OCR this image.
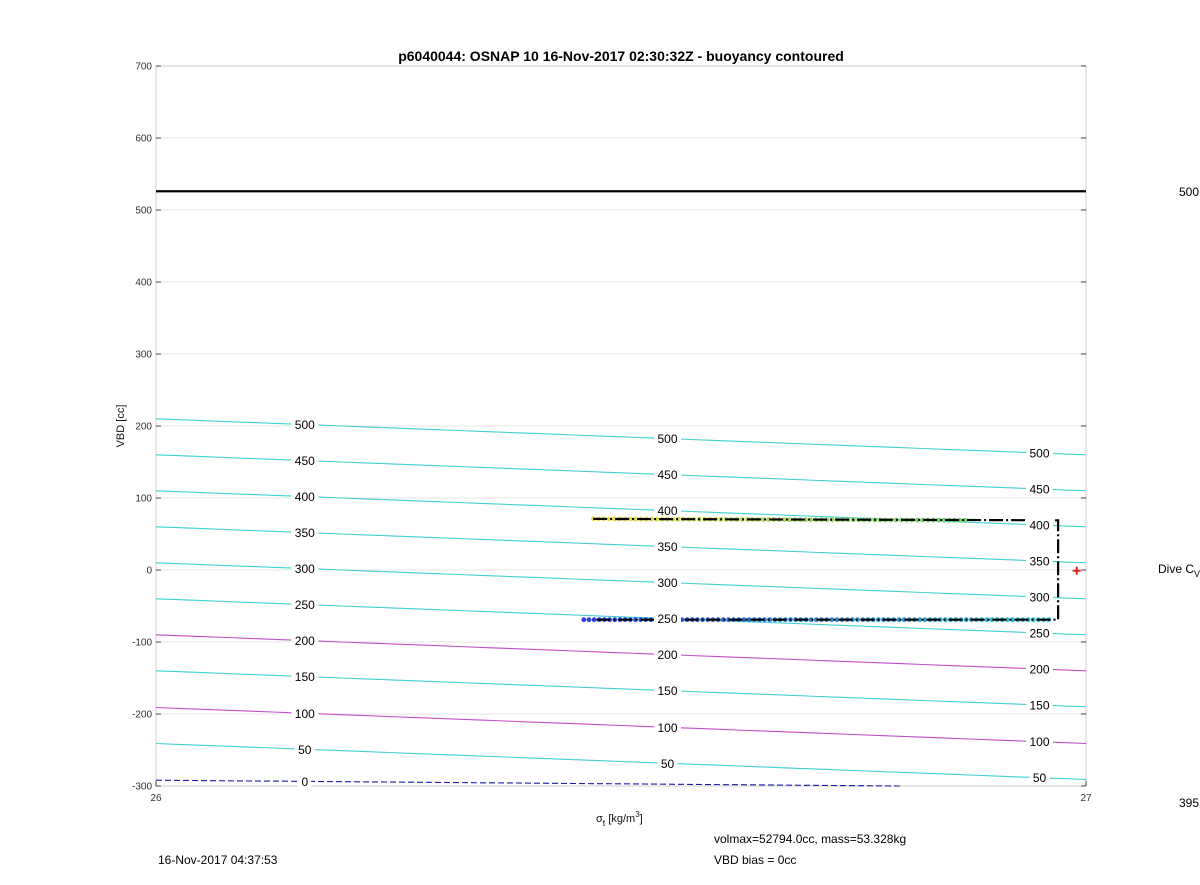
0
50
50
50
100
100
100
150
150
150
200
200
200
250
250
250
300
300
300
350
350
350
400
400
400
450
450
450
500
500
500
-300
-200
-100
0
100
200
300
400
500
600
700
26	27
p6040044: OSNAP 10 16-Nov-2017 02:30:32Z - buoyancy contoured
VBD [cc]
$\sigma_t$ $[kg/m^3]$
500
Dive $C_V$
395
16-Nov-2017 04:37:53
volmax=52794.0cc, mass=53.328kg
VBD bias = 0cc
